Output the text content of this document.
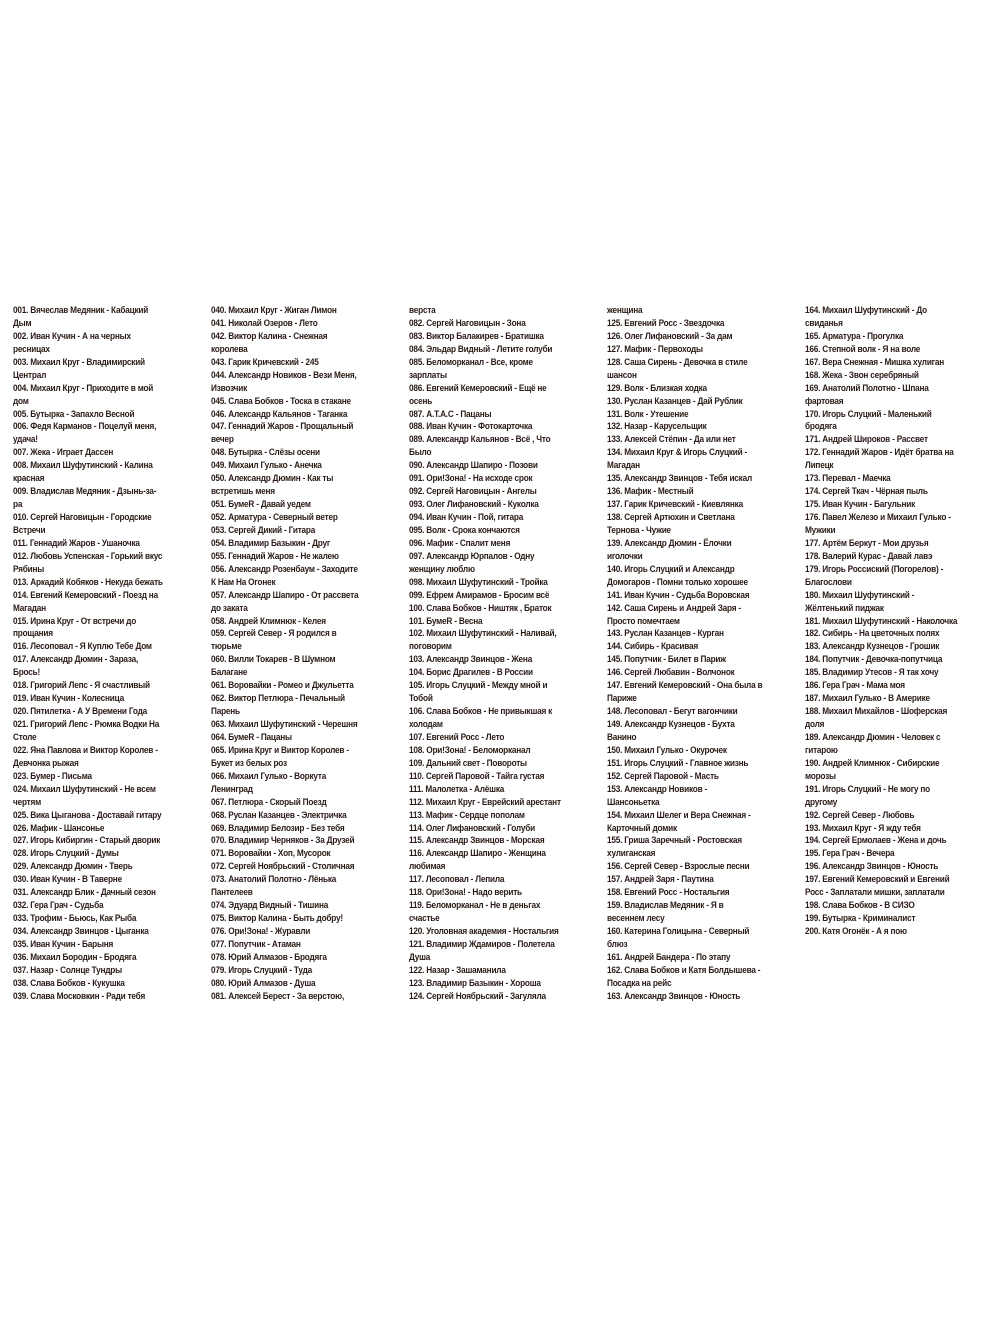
001. Вячеслав Медяник - Кабацкий
Дым
002. Иван Кучин - А на черных
ресницах
003. Михаил Круг - Владимирский
Централ
004. Михаил Круг - Приходите в мой
дом
005. Бутырка - Запахло Весной
006. Федя Карманов - Поцелуй меня,
удача!
007. Жека - Играет Дассен
008. Михаил Шуфутинский - Калина
красная
009. Владислав Медяник - Дзынь-за-
ра
010. Сергей Наговицын - Городские
Встречи
011. Геннадий Жаров - Ушаночка
012. Любовь Успенская - Горький вкус
Рябины
013. Аркадий Кобяков - Некуда бежать
014. Евгений Кемеровский - Поезд на
Магадан
015. Ирина Круг - От встречи до
прощания
016. Лесоповал - Я Куплю Тебе Дом
017. Александр Дюмин - Зараза,
Брось!
018. Григорий Лепс - Я счастливый
019. Иван Кучин - Колесница
020. Пятилетка - А У Времени Года
021. Григорий Лепс - Рюмка Водки На
Столе
022. Яна Павлова и Виктор Королев -
Девчонка рыжая
023. Бумер - Письма
024. Михаил Шуфутинский - Не всем
чертям
025. Вика Цыганова - Доставай гитару
026. Мафик - Шансонье
027. Игорь Кибиргин - Старый дворик
028. Игорь Слуцкий - Думы
029. Александр Дюмин - Тверь
030. Иван Кучин - В Таверне
031. Александр Блик - Дачный сезон
032. Гера Грач - Судьба
033. Трофим - Бьюсь, Как Рыба
034. Александр Звинцов - Цыганка
035. Иван Кучин - Барыня
036. Михаил Бородин - Бродяга
037. Назар - Солнце Тундры
038. Слава Бобков - Кукушка
039. Слава Московкин - Ради тебя
040. Михаил Круг - Жиган Лимон
041. Николай Озеров - Лето
042. Виктор Калина - Снежная
королева
043. Гарик Кричевский - 245
044. Александр Новиков - Вези Меня,
Извозчик
045. Слава Бобков - Тоска в стакане
046. Александр Кальянов - Таганка
047. Геннадий Жаров - Прощальный
вечер
048. Бутырка - Слёзы осени
049. Михаил Гулько - Анечка
050. Александр Дюмин - Как ты
встретишь меня
051. БумеR - Давай уедем
052. Арматура - Северный ветер
053. Сергей Дикий - Гитара
054. Владимир Базыкин - Друг
055. Геннадий Жаров - Не жалею
056. Александр Розенбаум - Заходите
К Нам На Огонек
057. Александр Шапиро - От рассвета
до заката
058. Андрей Климнюк - Келея
059. Сергей Север - Я родился в
тюрьме
060. Вилли Токарев - В Шумном
Балагане
061. Воровайки - Ромео и Джульетта
062. Виктор Петлюра - Печальный
Парень
063. Михаил Шуфутинский - Черешня
064. БумеR - Пацаны
065. Ирина Круг и Виктор Королев -
Букет из белых роз
066. Михаил Гулько - Воркута
Ленинград
067. Петлюра - Скорый Поезд
068. Руслан Казанцев - Электричка
069. Владимир Белозир - Без тебя
070. Владимир Черняков - За Друзей
071. Воровайки - Хоп, Мусорок
072. Сергей Ноябрьский - Столичная
073. Анатолий Полотно - Лёнька
Пантелеев
074. Эдуард Видный - Тишина
075. Виктор Калина - Быть добру!
076. Ори!Зона! - Журавли
077. Попутчик - Атаман
078. Юрий Алмазов - Бродяга
079. Игорь Слуцкий - Туда
080. Юрий Алмазов - Душа
081. Алексей Берест - За верстою,
верста
082. Сергей Наговицын - Зона
083. Виктор Балакирев - Братишка
084. Эльдар Видный - Летите голуби
085. Беломорканал - Все, кроме
зарплаты
086. Евгений Кемеровский - Ещё не
осень
087. А.Т.А.С - Пацаны
088. Иван Кучин - Фотокарточка
089. Александр Кальянов - Всё , Что
Было
090. Александр Шапиро - Позови
091. Ори!Зона! - На исходе срок
092. Сергей Наговицын - Ангелы
093. Олег Лифановский - Куколка
094. Иван Кучин - Пой, гитара
095. Волк - Срока кончаются
096. Мафик - Спалит меня
097. Александр Юрпалов - Одну
женщину люблю
098. Михаил Шуфутинский - Тройка
099. Ефрем Амирамов - Бросим всё
100. Слава Бобков - Ништяк , Браток
101. БумеR - Весна
102. Михаил Шуфутинский - Наливай,
поговорим
103. Александр Звинцов - Жена
104. Борис Драгилев - В России
105. Игорь Слуцкий - Между мной и
Тобой
106. Слава Бобков - Не привыкшая к
холодам
107. Евгений Росс - Лето
108. Ори!Зона! - Беломорканал
109. Дальний свет - Повороты
110. Сергей Паровой - Тайга густая
111. Малолетка - Алёшка
112. Михаил Круг - Еврейский арестант
113. Мафик - Сердце пополам
114. Олег Лифановский - Голуби
115. Александр Звинцов - Морская
116. Александр Шапиро - Женщина
любимая
117. Лесоповал - Лепила
118. Ори!Зона! - Надо верить
119. Беломорканал - Не в деньгах
счастье
120. Уголовная академия - Ностальгия
121. Владимир Ждамиров - Полетела
Душа
122. Назар - Зашаманила
123. Владимир Базыкин - Хороша
124. Сергей Ноябрьский - Загуляла
женщина
125. Евгений Росс - Звездочка
126. Олег Лифановский - За дам
127. Мафик - Первоходы
128. Саша Сирень - Девочка в стиле
шансон
129. Волк - Близкая ходка
130. Руслан Казанцев - Дай Рублик
131. Волк - Утешение
132. Назар - Карусельщик
133. Алексей Стёпин - Да или нет
134. Михаил Круг & Игорь Слуцкий -
Магадан
135. Александр Звинцов - Тебя искал
136. Мафик - Местный
137. Гарик Кричевский - Киевлянка
138. Сергей Артюхин и Светлана
Тернова - Чужие
139. Александр Дюмин - Ёлочки
иголочки
140. Игорь Слуцкий и Александр
Домогаров - Помни только хорошее
141. Иван Кучин - Судьба Воровская
142. Саша Сирень и Андрей Заря -
Просто помечтаем
143. Руслан Казанцев - Курган
144. Сибирь - Красивая
145. Попутчик - Билет в Париж
146. Сергей Любавин - Волчонок
147. Евгений Кемеровский - Она была в
Париже
148. Лесоповал - Бегут вагончики
149. Александр Кузнецов - Бухта
Ванино
150. Михаил Гулько - Окурочек
151. Игорь Слуцкий - Главное жизнь
152. Сергей Паровой - Масть
153. Александр Новиков -
Шансоньетка
154. Михаил Шелег и Вера Снежная -
Карточный домик
155. Гриша Заречный - Ростовская
хулиганская
156. Сергей Север - Взрослые песни
157. Андрей Заря - Паутина
158. Евгений Росс - Ностальгия
159. Владислав Медяник - Я в
весеннем лесу
160. Катерина Голицына - Северный
блюз
161. Андрей Бандера - По этапу
162. Слава Бобков и Катя Болдышева -
Посадка на рейс
163. Александр Звинцов - Юность
164. Михаил Шуфутинский - До
свиданья
165. Арматура - Прогулка
166. Степной волк - Я на воле
167. Вера Снежная - Мишка хулиган
168. Жека - Звон серебряный
169. Анатолий Полотно - Шпана
фартовая
170. Игорь Слуцкий - Маленький
бродяга
171. Андрей Широков - Рассвет
172. Геннадий Жаров - Идёт братва на
Липецк
173. Перевал - Маечка
174. Сергей Ткач - Чёрная пыль
175. Иван Кучин - Багульник
176. Павел Железо и Михаил Гулько -
Мужики
177. Артём Беркут - Мои друзья
178. Валерий Курас - Давай лавэ
179. Игорь Россиский (Погорелов) -
Благослови
180. Михаил Шуфутинский -
Жёлтенький пиджак
181. Михаил Шуфутинский - Наколочка
182. Сибирь - На цветочных полях
183. Александр Кузнецов - Грошик
184. Попутчик - Девочка-попутчица
185. Владимир Утесов - Я так хочу
186. Гера Грач - Мама моя
187. Михаил Гулько - В Америке
188. Михаил Михайлов - Шоферская
доля
189. Александр Дюмин - Человек с
гитарою
190. Андрей Климнюк - Сибирские
морозы
191. Игорь Слуцкий - Не могу по
другому
192. Сергей Север - Любовь
193. Михаил Круг - Я жду тебя
194. Сергей Ермолаев - Жена и дочь
195. Гера Грач - Вечера
196. Александр Звинцов - Юность
197. Евгений Кемеровский и Евгений
Росс - Заплатали мишки, заплатали
198. Слава Бобков - В СИЗО
199. Бутырка - Криминалист
200. Катя Огонёк - А я пою
